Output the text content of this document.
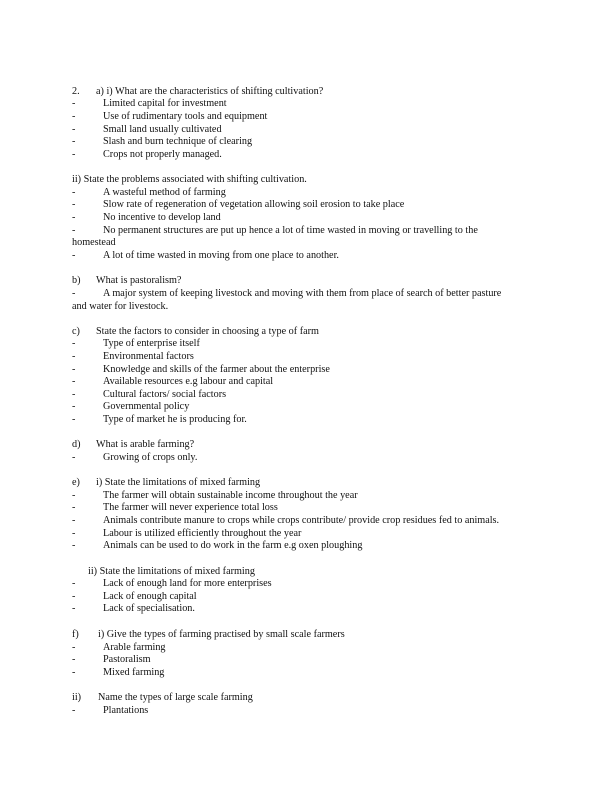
2. a) i) What are the characteristics of shifting cultivation?
-	Limited capital for investment
-	Use of rudimentary tools and equipment
-	Small land usually cultivated
-	Slash and burn technique of clearing
-	Crops not properly managed.
ii) State the problems associated with shifting cultivation.
-	A wasteful method of farming
-	Slow rate of regeneration of vegetation allowing soil erosion to take place
-	No incentive to develop land
-	No permanent structures are put up hence a lot of time wasted in moving or travelling to the
homestead
-	A lot of time wasted in moving from one place to another.
b) What is pastoralism?
-	A major system of keeping livestock and moving with them from place of search of better pasture
and water for livestock.
c) State the factors to consider in choosing a type of farm
-	Type of enterprise itself
-	Environmental factors
-	Knowledge and skills of the farmer about the enterprise
-	Available resources e.g labour and capital
-	Cultural factors/ social factors
-	Governmental policy
-	Type of market he is producing for.
d) What is arable farming?
-	Growing of crops only.
e) i) State the limitations of mixed farming
-	The farmer will obtain sustainable income throughout the year
-	The farmer will never experience total loss
-	Animals contribute manure to crops while crops contribute/ provide crop residues fed to animals.
-	Labour is utilized efficiently throughout the year
-	Animals can be used to do work in the farm e.g oxen ploughing
ii) State the limitations of mixed farming
-	Lack of enough land for more enterprises
-	Lack of enough capital
-	Lack of specialisation.
f) i) Give the types of farming practised by small scale farmers
-	Arable farming
-	Pastoralism
-	Mixed farming
ii) Name the types of large scale farming
-	Plantations
